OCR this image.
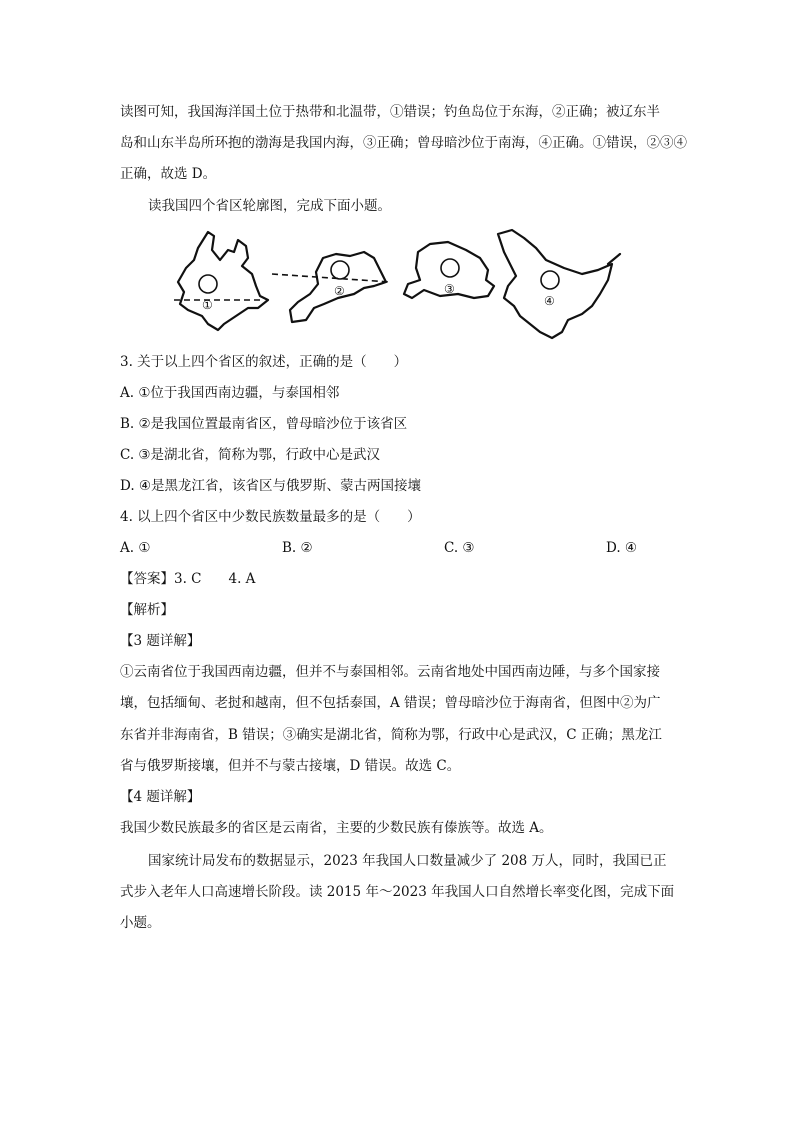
读图可知，我国海洋国土位于热带和北温带，①错误；钓鱼岛位于东海，②正确；被辽东半
岛和山东半岛所环抱的渤海是我国内海，③正确；曾母暗沙位于南海，④正确。①错误，②③④
正确，故选 D。
读我国四个省区轮廓图，完成下面小题。
3. 关于以上四个省区的叙述，正确的是（　　）
A. ①位于我国西南边疆，与泰国相邻
B. ②是我国位置最南省区，曾母暗沙位于该省区
C. ③是湖北省，简称为鄂，行政中心是武汉
D. ④是黑龙江省，该省区与俄罗斯、蒙古两国接壤
4. 以上四个省区中少数民族数量最多的是（　　）
A. ①	B. ②	C. ③	D. ④
【答案】3. C　　4. A
【解析】
【3 题详解】
①云南省位于我国西南边疆，但并不与泰国相邻。云南省地处中国西南边陲，与多个国家接
壤，包括缅甸、老挝和越南，但不包括泰国，A 错误；曾母暗沙位于海南省，但图中②为广
东省并非海南省，B 错误；③确实是湖北省，简称为鄂，行政中心是武汉，C 正确；黑龙江
省与俄罗斯接壤，但并不与蒙古接壤，D 错误。故选 C。
【4 题详解】
我国少数民族最多的省区是云南省，主要的少数民族有傣族等。故选 A。
国家统计局发布的数据显示，2023 年我国人口数量减少了 208 万人，同时，我国已正
式步入老年人口高速增长阶段。读 2015 年～2023 年我国人口自然增长率变化图，完成下面
小题。
①
②	③
④
